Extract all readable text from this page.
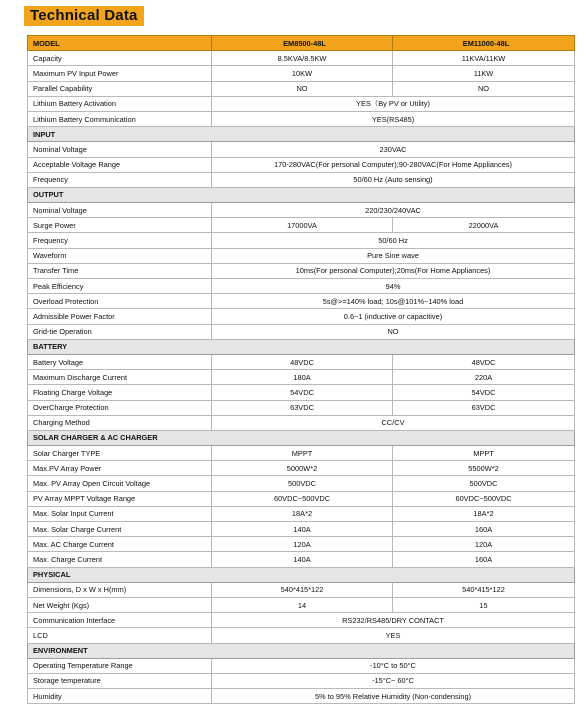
Technical Data
MODEL	EM8500-48L	EM11000-48L
Capacity	8.5KVA/8.5KW	11KVA/11KW
Maximum PV Input Power	10KW	11KW
Parallel Capability	NO	NO
Lithium Battery Activation	YES（By PV or Utility)	
Lithium Battery Communication	YES(RS485)	
INPUT		
Nominal Voltage	230VAC	
Acceptable Voltage Range	170-280VAC(For personal Computer);90-280VAC(For Home Appliances)	
Frequency	50/60 Hz (Auto sensing)	
OUTPUT		
Nominal Voltage	220/230/240VAC	
Surge Power	17000VA	22000VA
Frequency	50/60 Hz	
Waveform	Pure Sine wave	
Transfer Time	10ms(For personal Computer);20ms(For Home Appliances)	
Peak Efficiency	94%	
Overload Protection	5s@>=140% load; 10s@101%~140% load	
Admissible Power Factor	0.6~1 (inductive or capacitive)	
Grid-tie Operation	NO	
BATTERY		
Battery Voltage	48VDC	48VDC
Maximum Discharge Current	180A	220A
Floating Charge Voltage	54VDC	54VDC
OverCharge Protection	63VDC	63VDC
Charging Method	CC/CV	
SOLAR CHARGER & AC CHARGER		
Solar Charger TYPE	MPPT	MPPT
Max.PV Array Power	5000W*2	5500W*2
Max. PV Array Open Circuit Voltage	500VDC	500VDC
PV Array MPPT Voltage Range	60VDC~500VDC	60VDC~500VDC
Max. Solar Input Current	18A*2	18A*2
Max. Solar Charge Current	140A	160A
Max. AC Charge Current	120A	120A
Max. Charge Current	140A	160A
PHYSICAL		
Dimensions, D x W x H(mm)	540*415*122	540*415*122
Net Weight (Kgs)	14	15
Communication Interface	RS232/RS485/DRY CONTACT	
LCD	YES	
ENVIRONMENT		
Operating Temperature Range	-10°C to 50°C	
Storage temperature	-15°C~ 60°C	
Humidity	5% to 95% Relative Humidity (Non-condensing)	
